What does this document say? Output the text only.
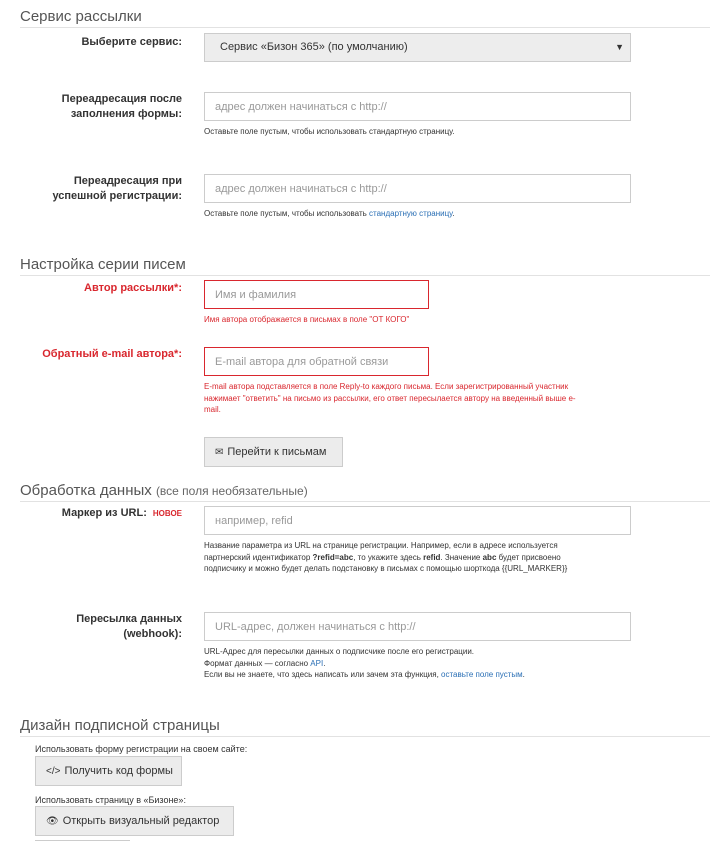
Сервис рассылки
Выберите сервис:	Сервис «Бизон 365» (по умолчанию)	▼
Переадресация после
заполнения формы:
адрес должен начинаться с http://
Оставьте поле пустым, чтобы использовать стандартную страницу.
Переадресация при
успешной регистрации:
адрес должен начинаться с http://
Оставьте поле пустым, чтобы использовать стандартную страницу.
Настройка серии писем
Автор рассылки*:
Имя и фамилия
Имя автора отображается в письмах в поле "ОТ КОГО"
Обратный e-mail автора*:
E-mail автора для обратной связи
E-mail автора подставляется в поле Reply-to каждого письма. Если зарегистрированный участник
нажимает "ответить" на письмо из рассылки, его ответ пересылается автору на введенный выше e-
mail.
✉ Перейти к письмам
Обработка данных (все поля необязательные)
Маркер из URL: НОВОЕ
например, refid
Название параметра из URL на странице регистрации. Например, если в адресе используется
партнерский идентификатор ?refid=abc, то укажите здесь refid. Значение abc будет присвоено
подписчику и можно будет делать подстановку в письмах с помощью шорткода {{URL_MARKER}}
Пересылка данных
(webhook):
URL-адрес, должен начинаться с http://
URL-Адрес для пересылки данных о подписчике после его регистрации.
Формат данных — согласно API.
Если вы не знаете, что здесь написать или зачем эта функция, оставьте поле пустым.
Дизайн подписной страницы
Использовать форму регистрации на своем сайте:
</> Получить код формы
Использовать страницу в «Бизоне»:
👁 Открыть визуальный редактор
